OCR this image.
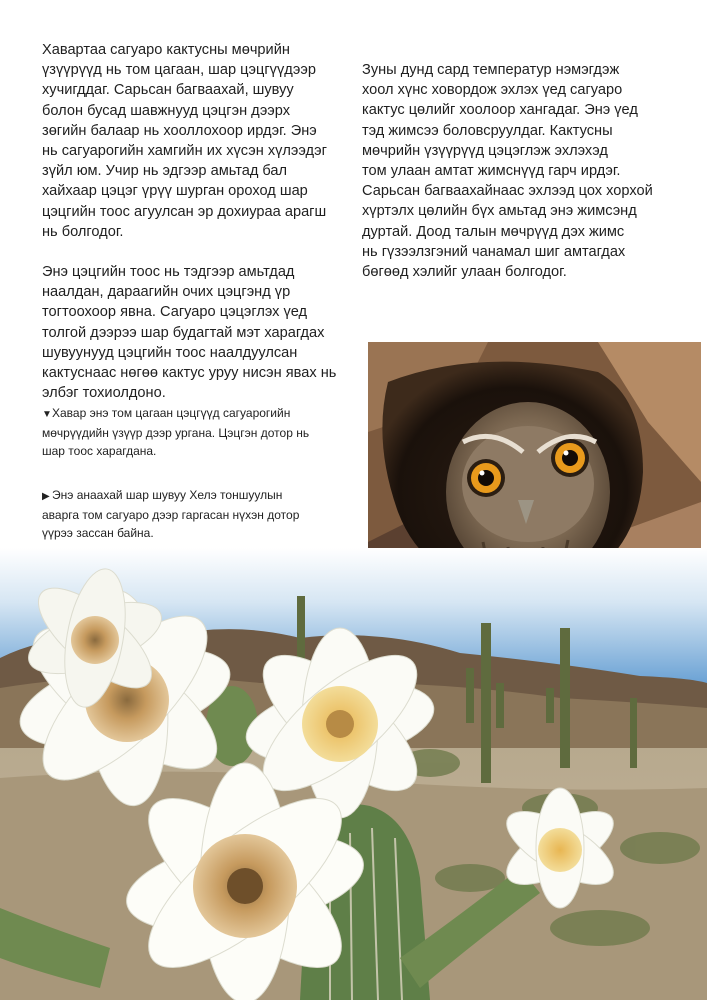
Хавартаа сагуаро кактусны мөчрийн
үзүүрүүд нь том цагаан, шар цэцгүүдээр
хучигддаг. Сарьсан багваахай, шувуу
болон бусад шавжнууд цэцгэн дээрх
зөгийн балаар нь хооллохоор ирдэг. Энэ
нь сагуарогийн хамгийн их хүсэн хүлээдэг
зүйл юм. Учир нь эдгээр амьтад бал
хайхаар цэцэг үрүү шурган ороход шар
цэцгийн тоос агуулсан эр дохиураа арагш
нь болгодог.

Энэ цэцгийн тоос нь тэдгээр амьтдад
наалдан, дараагийн очих цэцгэнд үр
тогтоохоор явна. Сагуаро цэцэглэх үед
толгой дээрээ шар будагтай мэт харагдах
шувуунууд цэцгийн тоос наалдуулсан
кактуснаас нөгөө кактус уруу нисэн явах нь
элбэг тохиолдоно.

Зуны дунд сард температур нэмэгдэж
хоол хүнс ховордож эхлэх үед сагуаро
кактус цөлийг хоолоор хангадаг. Энэ үед
тэд жимсээ боловсруулдаг. Кактусны
мөчрийн үзүүрүүд цэцэглэж эхлэхэд
том улаан амтат жимснүүд гарч ирдэг.
Сарьсан багваахайнаас эхлээд цох хорхой
хүртэлх цөлийн бүх амьтад энэ жимсэнд
дуртай. Доод талын мөчрүүд дэх жимс
нь гүзээлзгэний чанамал шиг амтагдах
бөгөөд хэлийг улаан болгодог.

▼Хавар энэ том цагаан цэцгүүд сагуарогийн
мөчрүүдийн үзүүр дээр ургана. Цэцгэн дотор нь
шар тоос харагдана.

▶ Энэ анаахай шар шувуу Хелэ тоншуулын
аварга том сагуаро дээр гаргасан нүхэн дотор
үүрээ зассан байна.
